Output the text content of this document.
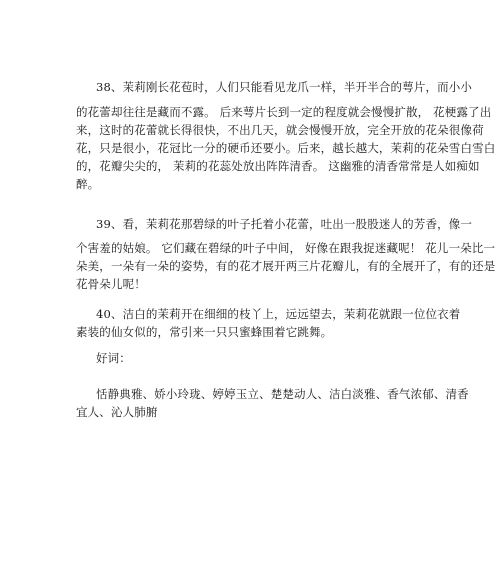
38、茉莉刚长花苞时，人们只能看见龙爪一样，半开半合的萼片，而小小
的花蕾却往往是藏而不露。 后来萼片长到一定的程度就会慢慢扩散， 花梗露了出
来，这时的花蕾就长得很快，不出几天，就会慢慢开放，完全开放的花朵很像荷
花，只是很小，花冠比一分的硬币还要小。后来，越长越大，茉莉的花朵雪白雪白
的，花瓣尖尖的， 茉莉的花蕊处放出阵阵清香。 这幽雅的清香常常是人如痴如
醉。
39、看，茉莉花那碧绿的叶子托着小花蕾，吐出一股股迷人的芳香，像一
个害羞的姑娘。 它们藏在碧绿的叶子中间， 好像在跟我捉迷藏呢！ 花儿一朵比一
朵美，一朵有一朵的姿势，有的花才展开两三片花瓣儿，有的全展开了，有的还是
花骨朵儿呢！
40、洁白的茉莉开在细细的枝丫上，远远望去，茉莉花就跟一位位衣着
素装的仙女似的，常引来一只只蜜蜂围着它跳舞。
好词：
恬静典雅、娇小玲珑、婷婷玉立、楚楚动人、洁白淡雅、香气浓郁、清香
宜人、沁人肺腑
